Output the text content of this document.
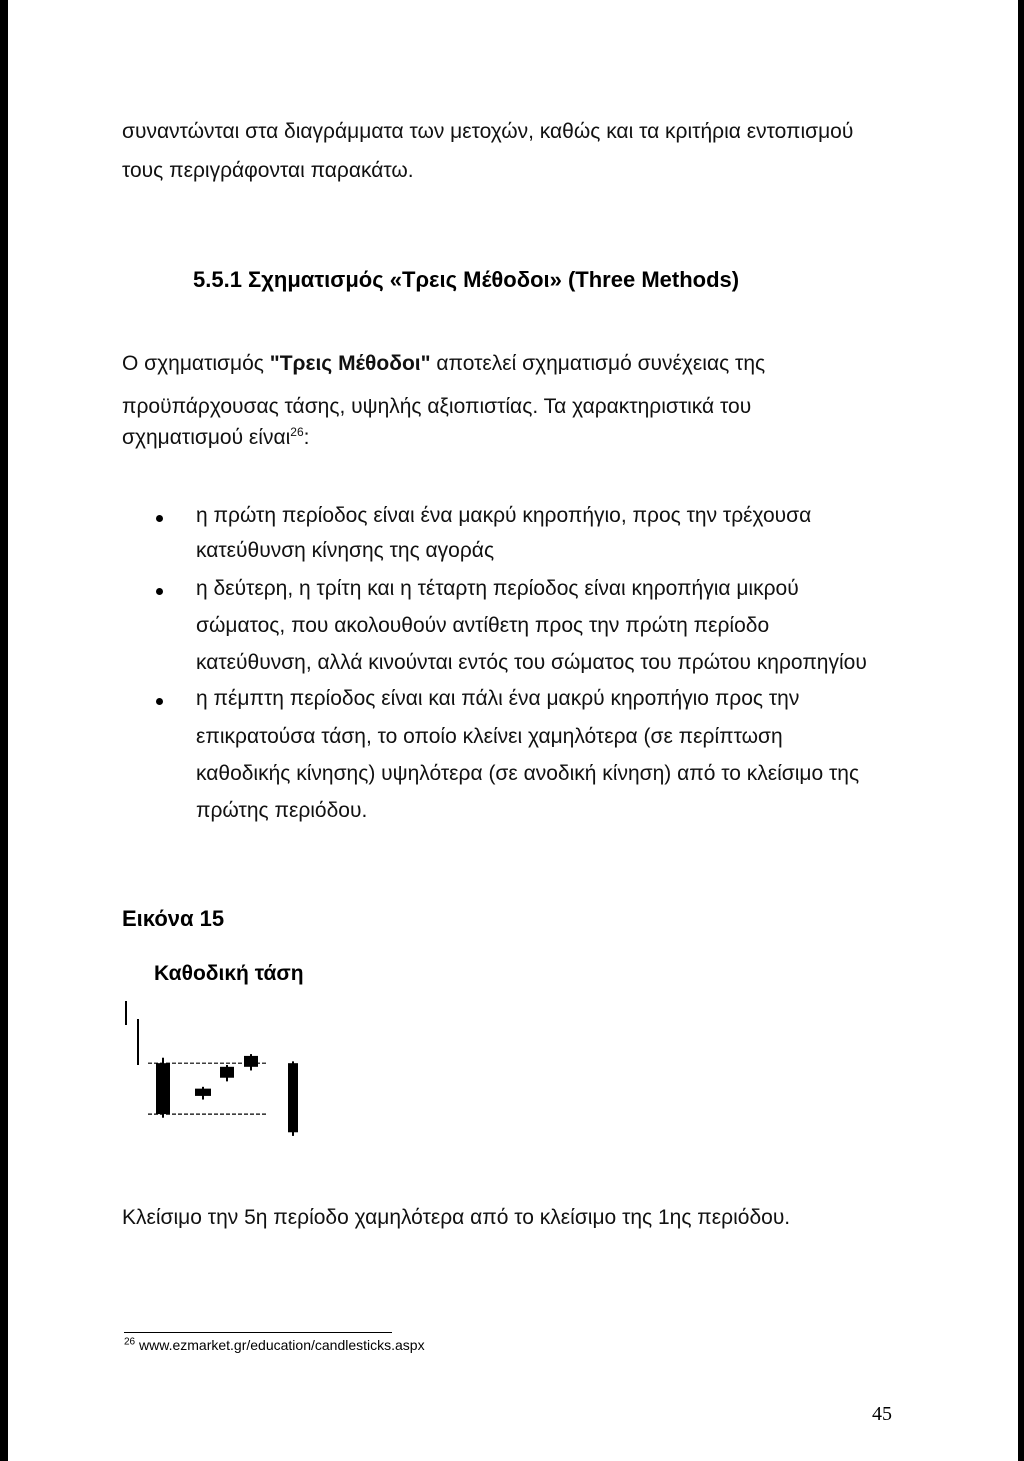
συναντώνται στα διαγράμματα των μετοχών, καθώς και τα κριτήρια εντοπισμού
τους περιγράφονται παρακάτω.
5.5.1 Σχηματισμός «Τρεις Μέθοδοι» (Three Methods)
Ο σχηματισμός "Τρεις Μέθοδοι" αποτελεί σχηματισμό συνέχειας της
προϋπάρχουσας τάσης, υψηλής αξιοπιστίας. Τα χαρακτηριστικά του
σχηματισμού είναι$^{26}$:
η πρώτη περίοδος είναι ένα μακρύ κηροπήγιο, προς την τρέχουσα
κατεύθυνση κίνησης της αγοράς
η δεύτερη, η τρίτη και η τέταρτη περίοδος είναι κηροπήγια μικρού
σώματος, που ακολουθούν αντίθετη προς την πρώτη περίοδο
κατεύθυνση, αλλά κινούνται εντός του σώματος του πρώτου κηροπηγίου
η πέμπτη περίοδος είναι και πάλι ένα μακρύ κηροπήγιο προς την
επικρατούσα τάση, το οποίο κλείνει χαμηλότερα (σε περίπτωση
καθοδικής κίνησης) υψηλότερα (σε ανοδική κίνηση) από το κλείσιμο της
πρώτης περιόδου.
Εικόνα 15
Καθοδική τάση
Κλείσιμο την 5η περίοδο χαμηλότερα από το κλείσιμο της 1ης περιόδου.
$^{26}$ www.ezmarket.gr/education/candlesticks.aspx
45
